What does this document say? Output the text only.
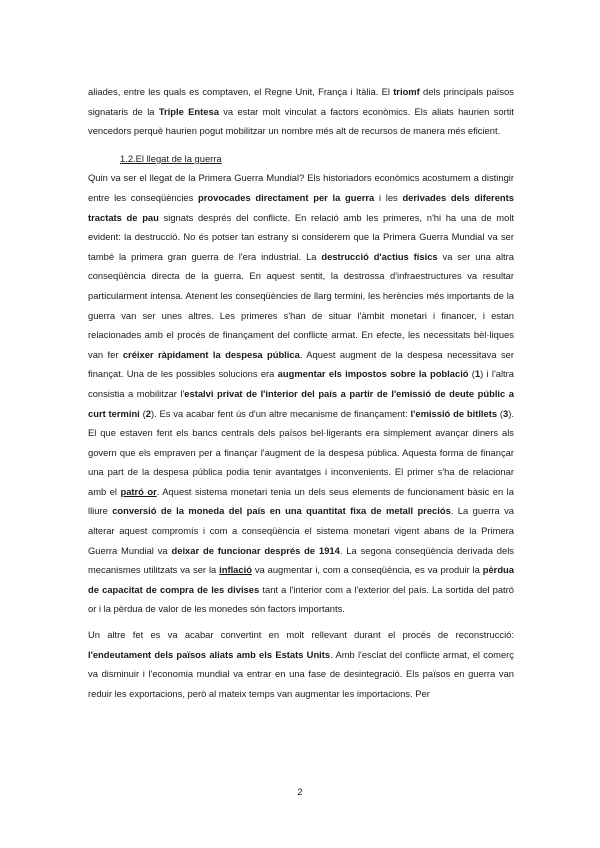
aliades, entre les quals es comptaven, el Regne Unit, França i Itàlia. El triomf dels principals països signataris de la Triple Entesa va estar molt vinculat a factors econòmics. Els aliats haurien sortit vencedors perquè haurien pogut mobilitzar un nombre més alt de recursos de manera més eficient.

1.2.El llegat de la guerra

Quin va ser el llegat de la Primera Guerra Mundial? Els historiadors econòmics acostumem a distingir entre les conseqüències provocades directament per la guerra i les derivades dels diferents tractats de pau signats després del conflicte. En relació amb les primeres, n'hi ha una de molt evident: la destrucció. No és potser tan estrany si considerem que la Primera Guerra Mundial va ser també la primera gran guerra de l'era industrial. La destrucció d'actius físics va ser una altra conseqüència directa de la guerra. En aquest sentit, la destrossa d'infraestructures va resultar particularment intensa. Atenent les conseqüències de llarg termini, les herències més importants de la guerra van ser unes altres. Les primeres s'han de situar l'àmbit monetari i financer, i estan relacionades amb el procés de finançament del conflicte armat. En efecte, les necessitats bèl·liques van fer créixer ràpidament la despesa pública. Aquest augment de la despesa necessitava ser finançat. Una de les possibles solucions era augmentar els impostos sobre la població (1) i l'altra consistia a mobilitzar l'estalvi privat de l'interior del país a partir de l'emissió de deute públic a curt termini (2). Es va acabar fent ús d'un altre mecanisme de finançament: l'emissió de bitllets (3). El que estaven fent els bancs centrals dels països bel·ligerants era simplement avançar diners als govern que els empraven per a finançar l'augment de la despesa pública. Aquesta forma de finançar una part de la despesa pública podia tenir avantatges i inconvenients. El primer s'ha de relacionar amb el patró or. Aquest sistema monetari tenia un dels seus elements de funcionament bàsic en la lliure conversió de la moneda del país en una quantitat fixa de metall preciós. La guerra va alterar aquest compromís i com a conseqüència el sistema monetari vigent abans de la Primera Guerra Mundial va deixar de funcionar després de 1914. La segona conseqüència derivada dels mecanismes utilitzats va ser la inflació va augmentar i, com a conseqüència, es va produir la pèrdua de capacitat de compra de les divises tant a l'interior com a l'exterior del país. La sortida del patró or i la pèrdua de valor de les monedes són factors importants.

Un altre fet es va acabar convertint en molt rellevant durant el procés de reconstrucció: l'endeutament dels països aliats amb els Estats Units. Amb l'esclat del conflicte armat, el comerç va disminuir i l'economia mundial va entrar en una fase de desintegració. Els països en guerra van reduir les exportacions, però al mateix temps van augmentar les importacions. Per

2
